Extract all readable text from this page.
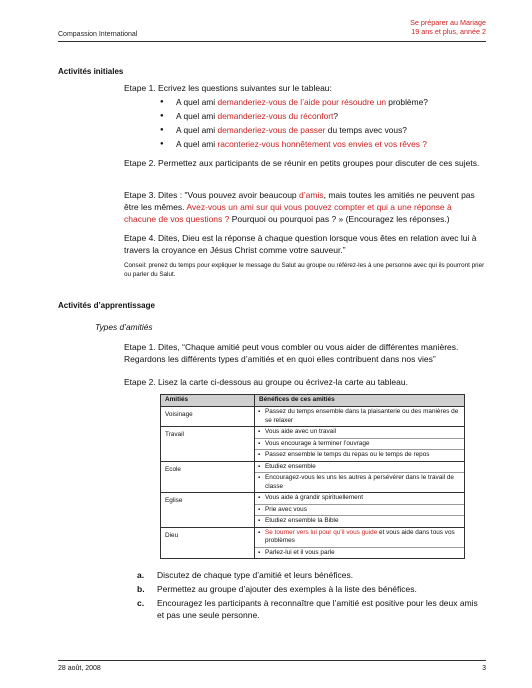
Compassion International
Se préparer au Mariage
19 ans et plus, année 2
Activités initiales
Etape 1. Ecrivez les questions suivantes sur le tableau:
● A quel ami demanderiez-vous de l’aide pour résoudre un problème?
● A quel ami demanderiez-vous du réconfort?
● A quel ami demanderiez-vous de passer du temps avec vous?
● A quel ami raconteriez-vous honnêtement vos envies et vos rêves ?
Etape 2. Permettez aux participants de se réunir en petits groupes pour discuter de ces sujets.
Etape 3. Dites : "Vous pouvez avoir beaucoup d’amis, mais toutes les amitiés ne peuvent pas être les mêmes. Avez-vous un ami sur qui vous pouvez compter et qui a une réponse à chacune de vos questions ? Pourquoi ou pourquoi pas ? » (Encouragez les réponses.)
Etape 4. Dites, Dieu est la réponse à chaque question lorsque vous êtes en relation avec lui à travers la croyance en Jésus Christ comme votre sauveur.”
Conseil: prenez du temps pour expliquer le message du Salut au groupe ou référez-les à une personne avec qui ils pourront prier ou parler du Salut.
Activités d’apprentissage
Types d’amitiés
Etape 1. Dites, “Chaque amitié peut vous combler ou vous aider de différentes manières. Regardons les différents types d’amitiés et en quoi elles contribuent dans nos vies”
Etape 2. Lisez la carte ci-dessous au groupe ou écrivez-la carte au tableau.
Amitiés	Bénéfices de ces amitiés
Voisinage	▪ Passez du temps ensemble dans la plaisanterie ou des manières de se relaxer

Travail	▪ Vous aide avec un travail
▪ Vous encourage à terminer l’ouvrage
▪ Passez ensemble le temps du repas ou le temps de repos

Ecole	▪ Etudiez ensemble
▪ Encouragez-vous les uns les autres à persévérer dans le travail de classe

Eglise	▪ Vous aide à grandir spirituellement
▪ Prie avec vous
▪ Etudiez ensemble la Bible

Dieu	▪ Se tourner vers lui pour qu’il vous guide et vous aide dans tous vos problèmes
▪ Parlez-lui et il vous parle
a. Discutez de chaque type d’amitié et leurs bénéfices.
b. Permettez au groupe d’ajouter des exemples à la liste des bénéfices.
c. Encouragez les participants à reconnaître que l’amitié est positive pour les deux amis et pas une seule personne.
28 août, 2008	3
